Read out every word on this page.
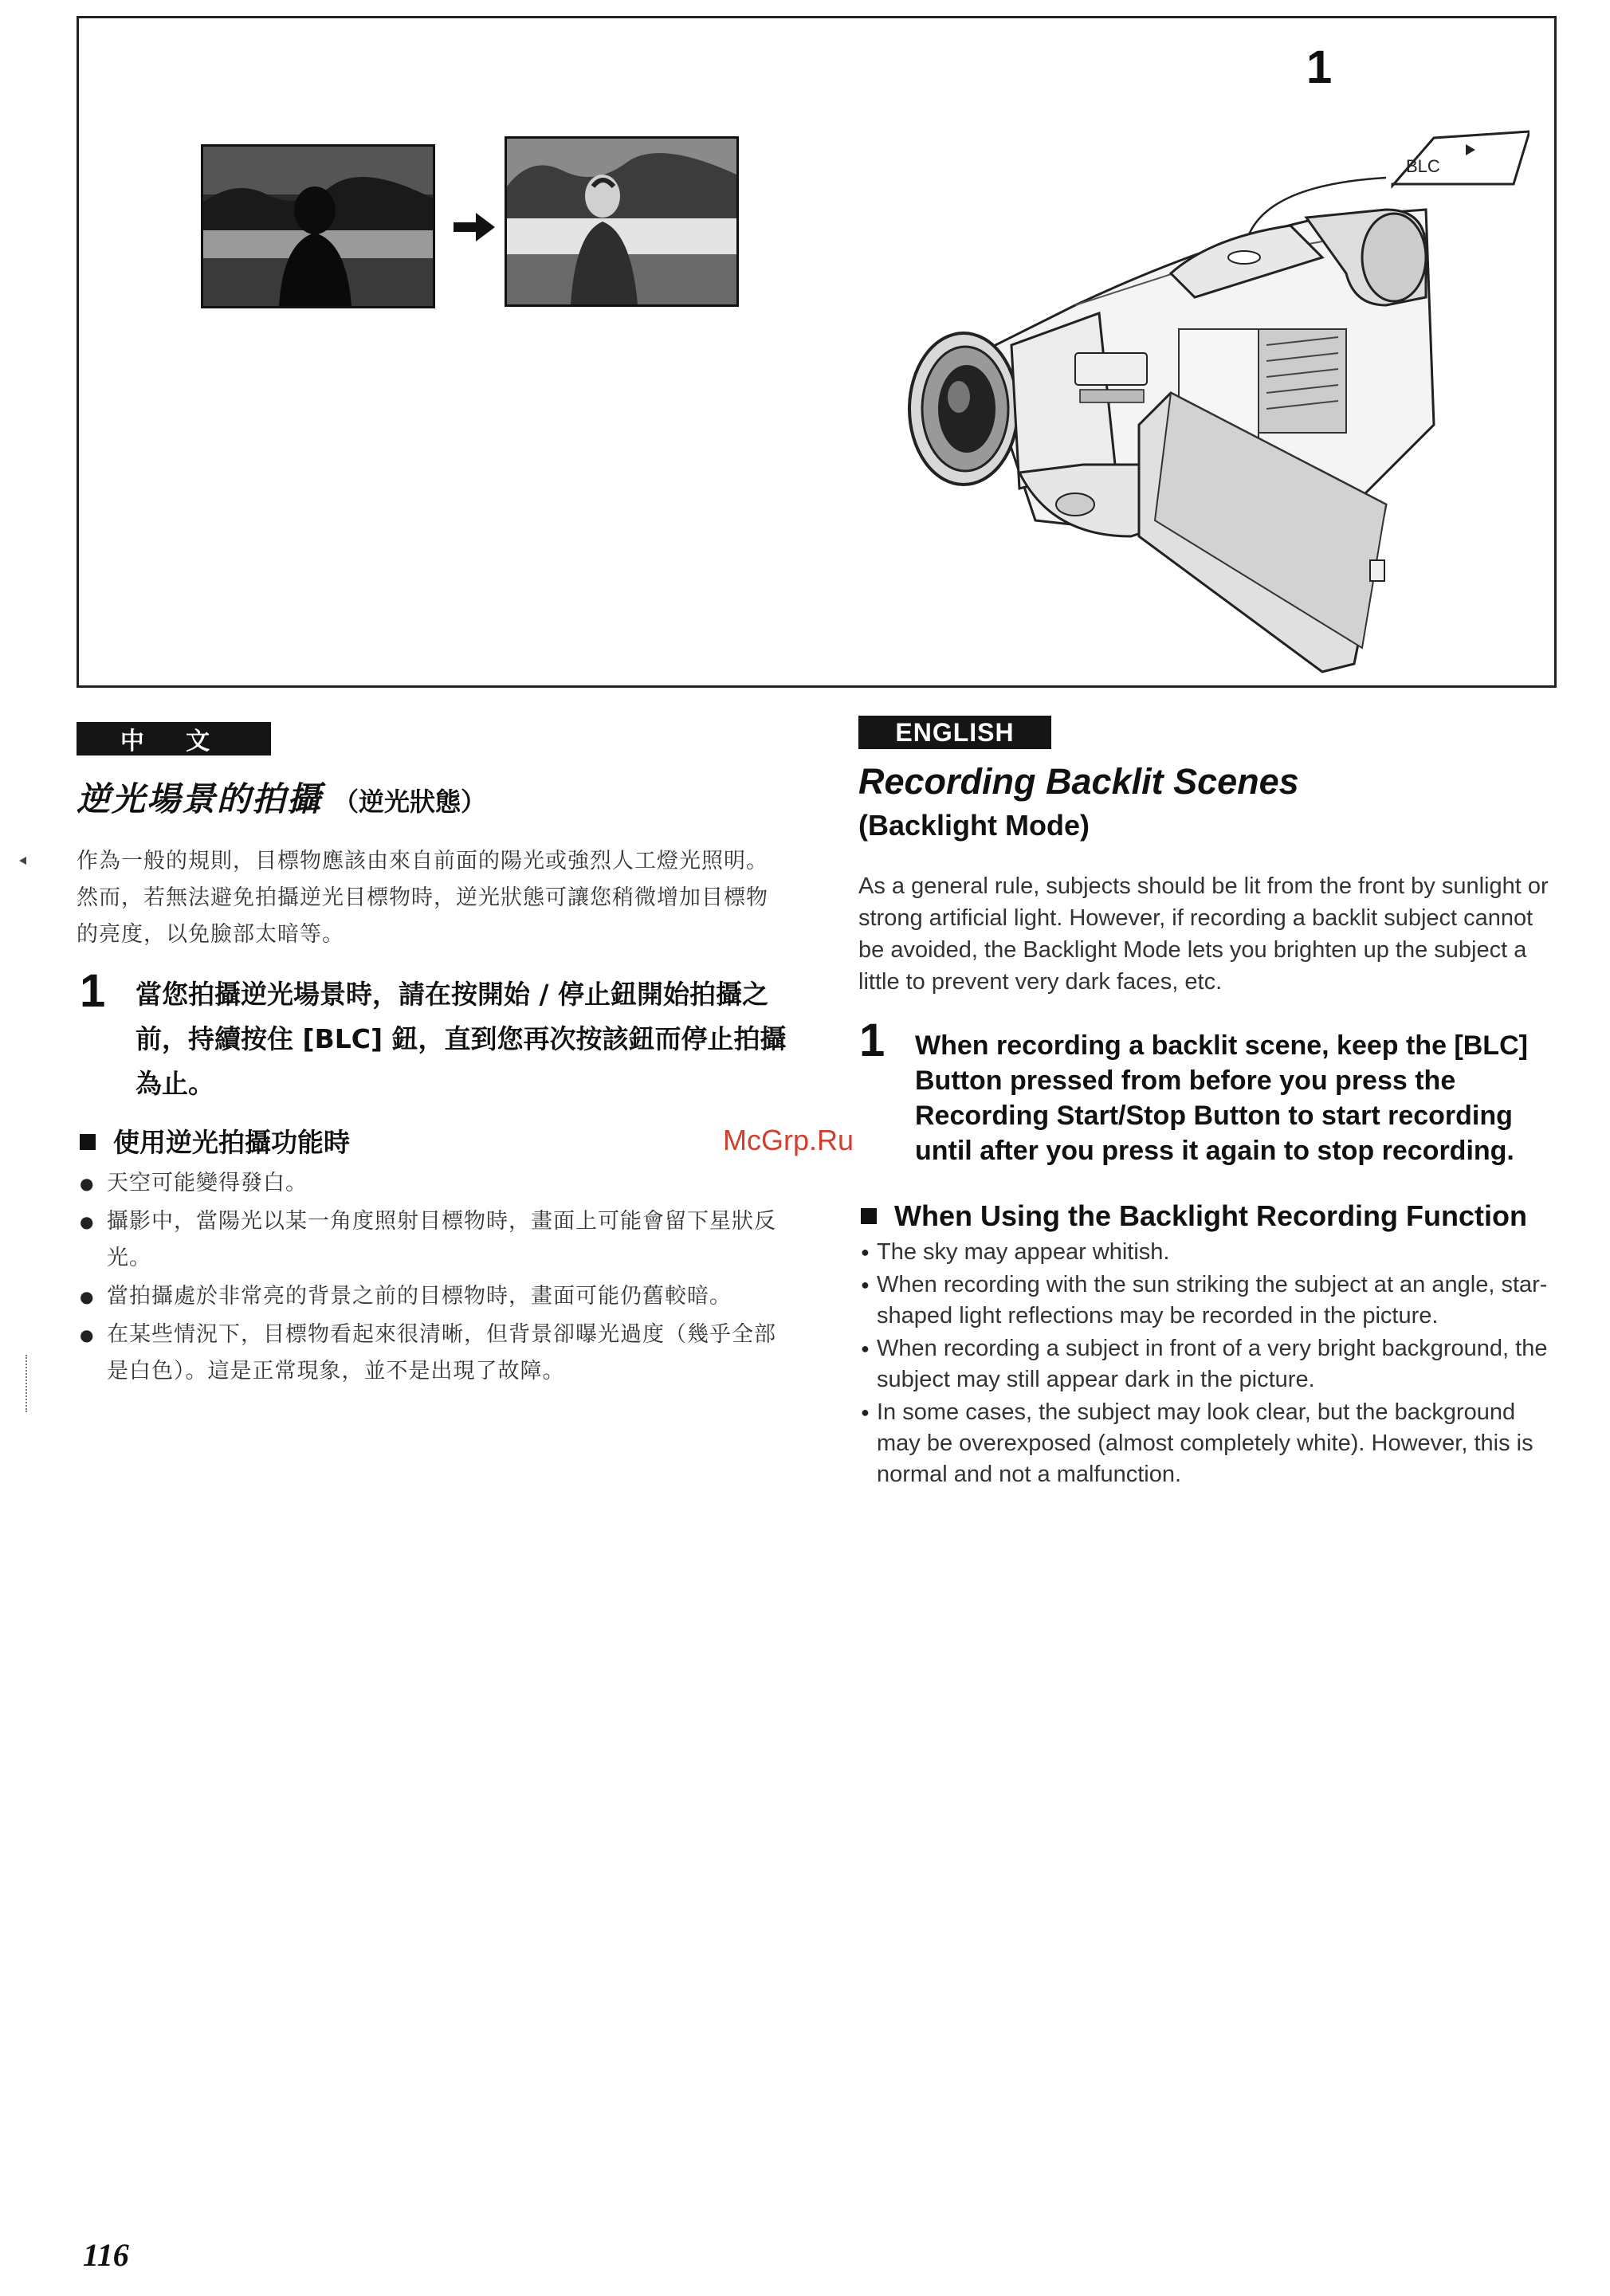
1
BLC
中 文
逆光場景的拍攝 （逆光狀態）
作為一般的規則，目標物應該由來自前面的陽光或強烈人工燈光照明。然而，若無法避免拍攝逆光目標物時，逆光狀態可讓您稍微增加目標物的亮度，以免臉部太暗等。
1 當您拍攝逆光場景時，請在按開始 / 停止鈕開始拍攝之前，持續按住 [BLC] 鈕，直到您再次按該鈕而停止拍攝為止。
使用逆光拍攝功能時
● 天空可能變得發白。
● 攝影中，當陽光以某一角度照射目標物時，畫面上可能會留下星狀反光。
● 當拍攝處於非常亮的背景之前的目標物時，畫面可能仍舊較暗。
● 在某些情況下，目標物看起來很清晰，但背景卻曝光過度（幾乎全部是白色）。這是正常現象，並不是出現了故障。
McGrp.Ru
ENGLISH
Recording Backlit Scenes
(Backlight Mode)
As a general rule, subjects should be lit from the front by sunlight or strong artificial light. However, if recording a backlit subject cannot be avoided, the Backlight Mode lets you brighten up the subject a little to prevent very dark faces, etc.
1 When recording a backlit scene, keep the [BLC] Button pressed from before you press the Recording Start/Stop Button to start recording until after you press it again to stop recording.
When Using the Backlight Recording Function
● The sky may appear whitish.
● When recording with the sun striking the subject at an angle, star-shaped light reflections may be recorded in the picture.
● When recording a subject in front of a very bright background, the subject may still appear dark in the picture.
● In some cases, the subject may look clear, but the background may be overexposed (almost completely white). However, this is normal and not a malfunction.
116
